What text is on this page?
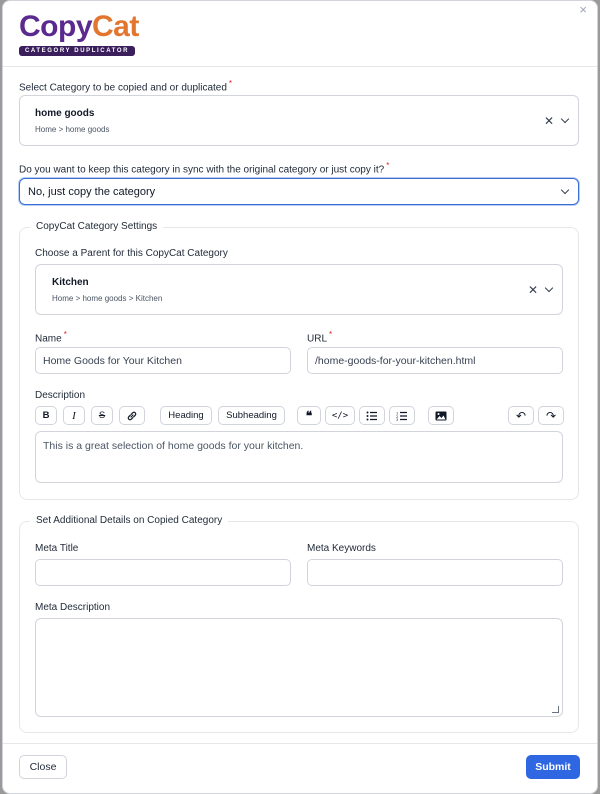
×
CopyCat
CATEGORY DUPLICATOR
Select Category to be copied and or duplicated *
home goods
Home > home goods
✕
Do you want to keep this category in sync with the original category or just copy it? *
No, just copy the category
CopyCat Category Settings
Choose a Parent for this CopyCat Category
Kitchen
Home > home goods > Kitchen
✕
Name *
Home Goods for Your Kitchen
URL *
/home-goods-for-your-kitchen.html
Description
B	I	S	Heading	Subheading	❝	</>	1
2
3	↶	↷
This is a great selection of home goods for your kitchen.
Set Additional Details on Copied Category
Meta Title	Meta Keywords
Meta Description
Close	Submit
